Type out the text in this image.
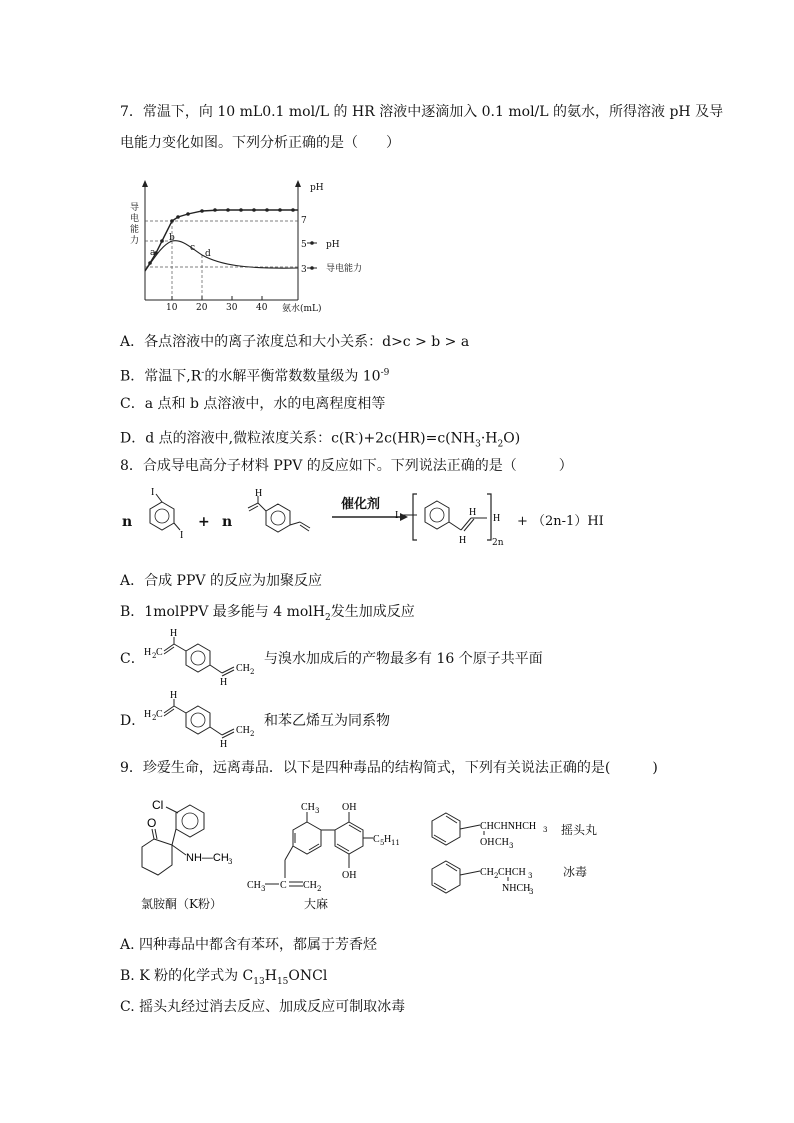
7．常温下，向 10 mL0.1 mol/L 的 HR 溶液中逐滴加入 0.1 mol/L 的氨水，所得溶液 pH 及导
电能力变化如图。下列分析正确的是（　　）
导电能力
pH
7
5
3
pH
导电能力
10 20 30 40 氨水(mL)
a
b
c
d
A．各点溶液中的离子浓度总和大小关系：d>c > b > a
B．常温下,R-的水解平衡常数数量级为 $10^{-9}$
C．a 点和 b 点溶液中，水的电离程度相等
D．d 点的溶液中,微粒浓度关系：$c(R^-)+2c(HR)=c(NH_3\cdot H_2O)$
8．合成导电高分子材料 PPV 的反应如下。下列说法正确的是（　　　）
n
I
I
+ n
H
催化剂
I	H
H
H
2n
+ （2n-1）HI
A．合成 PPV 的反应为加聚反应
B．1molPPV 最多能与 4 molH$_2$发生加成反应
C． H 2 C
H
H
CH 2
与溴水加成后的产物最多有 16 个原子共平面
D．
H 2 C
H
H
CH 2
和苯乙烯互为同系物
9．珍爱生命，远离毒品．以下是四种毒品的结构简式，下列有关说法正确的是(　　　)
Cl
O
NH—CH 3
氯胺酮（K粉）
CH 3 OH
OH
C 5 H 11
CH 3 C CH 2
大麻
CHCHNHCH 3
OH CH 3
摇头丸
CH 2 CHCH 3
NHCH
3
冰毒
A. 四种毒品中都含有苯环，都属于芳香烃
B. K 粉的化学式为 $C_{13}H_{15}ONCl$
C. 摇头丸经过消去反应、加成反应可制取冰毒
